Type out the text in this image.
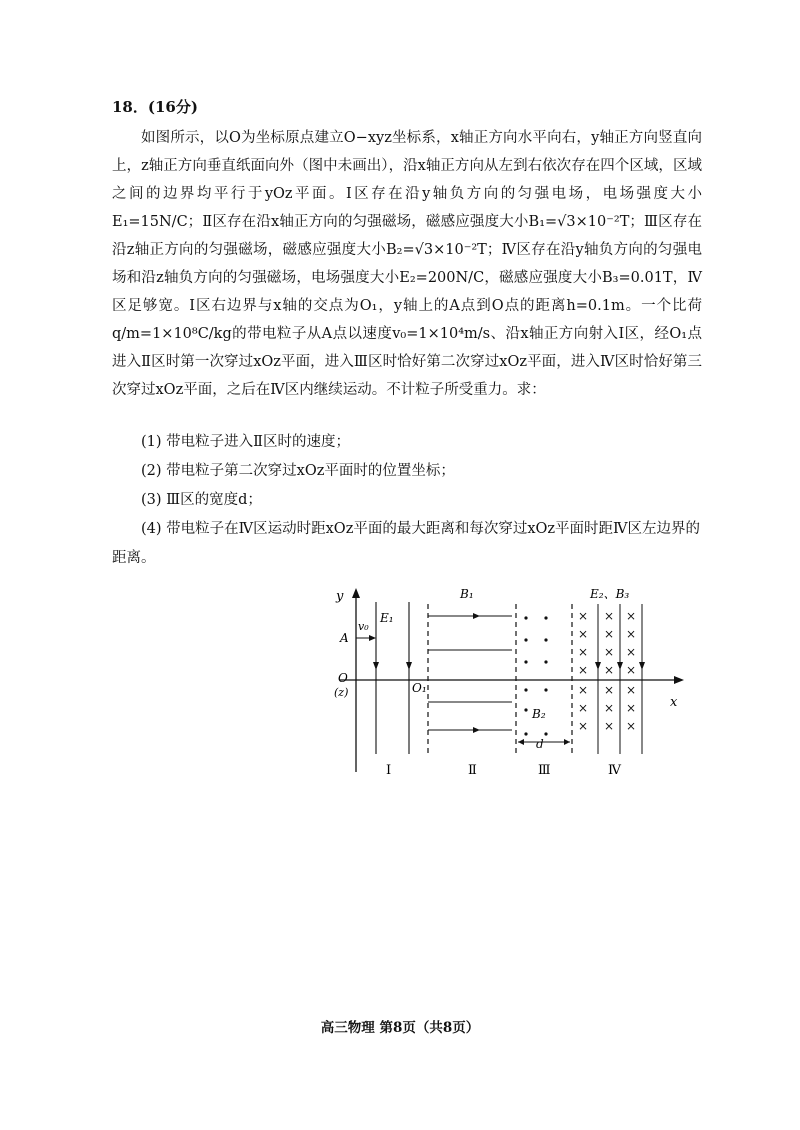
18．(16分)

如图所示，以O为坐标原点建立O−xyz坐标系，x轴正方向水平向右，y轴正方向竖直向上，z轴正方向垂直纸面向外（图中未画出），沿x轴正方向从左到右依次存在四个区域，区域之间的边界均平行于yOz平面。Ⅰ区存在沿y轴负方向的匀强电场，电场强度大小E₁=15N/C；Ⅱ区存在沿x轴正方向的匀强磁场，磁感应强度大小B₁=√3×10⁻²T；Ⅲ区存在沿z轴正方向的匀强磁场，磁感应强度大小B₂=√3×10⁻²T；Ⅳ区存在沿y轴负方向的匀强电场和沿z轴负方向的匀强磁场，电场强度大小E₂=200N/C，磁感应强度大小B₃=0.01T，Ⅳ区足够宽。Ⅰ区右边界与x轴的交点为O₁，y轴上的A点到O点的距离h=0.1m。一个比荷q/m=1×10⁸C/kg的带电粒子从A点以速度v₀=1×10⁴m/s、沿x轴正方向射入Ⅰ区，经O₁点进入Ⅱ区时第一次穿过xOz平面，进入Ⅲ区时恰好第二次穿过xOz平面，进入Ⅳ区时恰好第三次穿过xOz平面，之后在Ⅳ区内继续运动。不计粒子所受重力。求：

(1) 带电粒子进入Ⅱ区时的速度；
(2) 带电粒子第二次穿过xOz平面时的位置坐标；
(3) Ⅲ区的宽度d；
(4) 带电粒子在Ⅳ区运动时距xOz平面的最大距离和每次穿过xOz平面时距Ⅳ区左边界的距离。
y
x
O
(z)
E₁
A
v₀
O₁
B₁
B₂
d
E₂、B₃
× × ×
× × ×
× × ×
× × ×
× × ×
× × ×
× × ×
Ⅰ	Ⅱ	Ⅲ	Ⅳ
高三物理 第8页（共8页）
